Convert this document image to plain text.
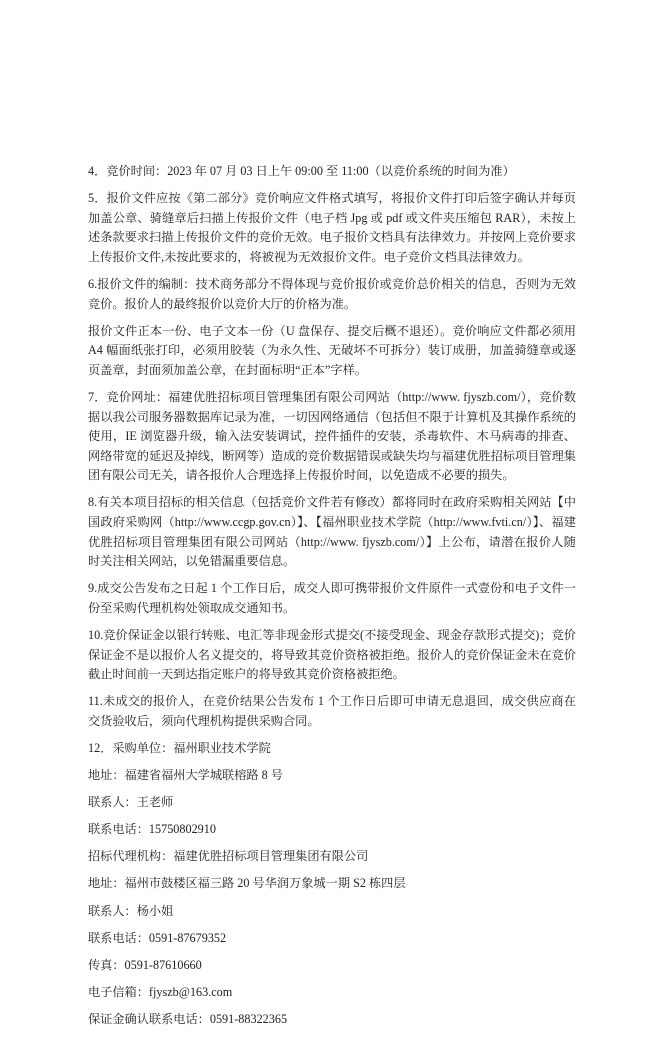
4．竞价时间：2023 年 07 月 03 日上午 09:00 至 11:00（以竞价系统的时间为准）

5．报价文件应按《第二部分》竞价响应文件格式填写，将报价文件打印后签字确认并每页加盖公章、骑缝章后扫描上传报价文件（电子档 Jpg 或 pdf 或文件夹压缩包 RAR），未按上述条款要求扫描上传报价文件的竞价无效。电子报价文档具有法律效力。并按网上竞价要求上传报价文件,未按此要求的，将被视为无效报价文件。电子竞价文档具法律效力。

6.报价文件的编制：技术商务部分不得体现与竞价报价或竞价总价相关的信息，否则为无效竞价。报价人的最终报价以竞价大厅的价格为准。

报价文件正本一份、电子文本一份（U 盘保存、提交后概不退还）。竞价响应文件都必须用 A4 幅面纸张打印，必须用胶装（为永久性、无破坏不可拆分）装订成册，加盖骑缝章或逐页盖章，封面须加盖公章，在封面标明“正本”字样。

7．竞价网址：福建优胜招标项目管理集团有限公司网站（http://www. fjyszb.com/），竞价数据以我公司服务器数据库记录为准，一切因网络通信（包括但不限于计算机及其操作系统的使用，IE 浏览器升级，输入法安装调试，控件插件的安装，杀毒软件、木马病毒的排查、网络带宽的延迟及掉线，断网等）造成的竞价数据错误或缺失均与福建优胜招标项目管理集团有限公司无关，请各报价人合理选择上传报价时间，以免造成不必要的损失。

8.有关本项目招标的相关信息（包括竞价文件若有修改）都将同时在政府采购相关网站【中国政府采购网（http://www.ccgp.gov.cn）】、【福州职业技术学院（http://www.fvti.cn/）】、福建优胜招标项目管理集团有限公司网站（http://www. fjyszb.com/）】上公布，请潜在报价人随时关注相关网站，以免错漏重要信息。

9.成交公告发布之日起 1 个工作日后，成交人即可携带报价文件原件一式壹份和电子文件一份至采购代理机构处领取成交通知书。

10.竞价保证金以银行转账、电汇等非现金形式提交(不接受现金、现金存款形式提交)；竞价保证金不是以报价人名义提交的，将导致其竞价资格被拒绝。报价人的竞价保证金未在竞价截止时间前一天到达指定账户的将导致其竞价资格被拒绝。

11.未成交的报价人，在竞价结果公告发布 1 个工作日后即可申请无息退回，成交供应商在交货验收后，须向代理机构提供采购合同。

12．采购单位：福州职业技术学院

地址：福建省福州大学城联榕路 8 号

联系人：王老师

联系电话：15750802910

招标代理机构：福建优胜招标项目管理集团有限公司

地址：福州市鼓楼区福三路 20 号华润万象城一期 S2 栋四层

联系人：杨小姐

联系电话：0591-87679352

传真：0591-87610660

电子信箱：fjyszb@163.com

保证金确认联系电话：0591-88322365
